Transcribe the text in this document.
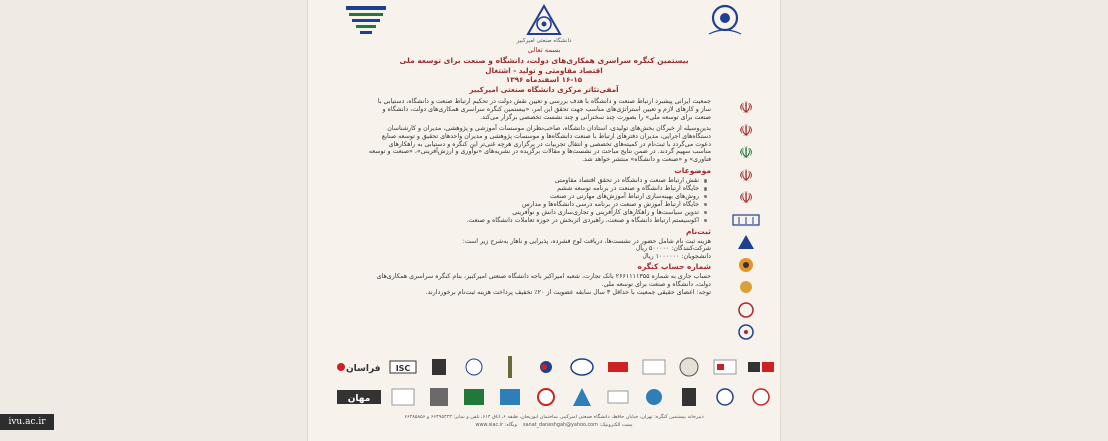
دانشگاه صنعتی امیرکبیر
بسمه تعالی
بیستمین کنگره سراسری همکاری‌های دولت، دانشگاه و صنعت برای توسعه ملی
اقتصاد مقاومتی و تولید - اشتغال
۱۶-۱۵ اسفندماه ۱۳۹۶
آمفی‌تئاتر مرکزی دانشگاه صنعتی امیرکبیر

جمعیت ایرانی پیشبرد ارتباط صنعت و دانشگاه با هدف بررسی و تعیین نقش دولت در تحکیم ارتباط صنعت و دانشگاه، دستیابی با ساز و کارهای لازم و تعیین استراتژی‌های مناسب جهت تحقق این امر، «بیستمین کنگره سراسری همکاری‌های دولت، دانشگاه و صنعت برای توسعه ملی» را بصورت چند سخنرانی و چند نشست تخصصی برگزار می‌کند.

بدین‌وسیله از خبرگان بخش‌های تولیدی، استادان دانشگاه، صاحب‌نظران موسسات آموزشی و پژوهشی، مدیران و کارشناسان دستگاه‌های اجرایی، مدیران دفترهای ارتباط با صنعت دانشگاه‌ها و موسسات پژوهشی و مدیران واحدهای تحقیق و توسعه صنایع دعوت می‌گردد با ثبت‌نام در کمیته‌های تخصصی و انتقال تجربیات در برگزاری هرچه غنی‌تر این کنگره و دستیابی به راهکارهای مناسب سهیم گردند. در ضمن نتایج مباحث در نشست‌ها و مقالات برگزیده در نشریه‌های «نوآوری و ارزش‌آفرینی»، «صنعت و توسعه فناوری» و «صنعت و دانشگاه» منتشر خواهد شد.

موضوعات
نقش ارتباط صنعت و دانشگاه در تحقق اقتصاد مقاومتی
جایگاه ارتباط دانشگاه و صنعت در برنامه توسعه ششم
روش‌های بهینه‌سازی ارتباط آموزش‌های مهارتی در صنعت
جایگاه ارتباط آموزش و صنعت در برنامه درسی دانشگاه‌ها و مدارس
تدوین سیاست‌ها و راهکارهای کارآفرینی و تجاری‌سازی دانش و نوآفرینی
اکوسیستم ارتباط دانشگاه و صنعت، راهبردی اثربخش در حوزه تعاملات دانشگاه و صنعت.
ثبت‌نام
هزینه ثبت نام شامل حضور در نشست‌ها، دریافت لوح فشرده، پذیرایی و ناهار به‌شرح زیر است:
شرکت‌کنندگان: ۵۰۰۰۰۰ ریال
دانشجویان: ۱۰۰۰۰۰۰ ریال
شماره حساب کنگره
حساب جاری به شماره ۲۶۶۱۱۱۱۳۵۵ بانک تجارت، شعبه امیراکبر باجه دانشگاه صنعتی امیرکبیر، بنام کنگره سراسری همکاری‌های دولت، دانشگاه و صنعت برای توسعه ملی.
توجه: اعضای حقیقی جمعیت با حداقل ۳ سال سابقه عضویت از ۲۰٪ تخفیف پرداخت هزینه ثبت‌نام برخوردارند.
☫
☫
☫
☫
☫
فراسان ISC
مهان
دبیرخانه بیستمین کنگره: تهران، خیابان حافظ، دانشگاه صنعتی امیرکبیر، ساختمان ابوریحان، طبقه ۶، اتاق ۶۱۴، تلفن و نمابر: ۶۶۴۹۵۴۲۳ و ۶۶۴۸۵۸۵۶
پست الکترونیک: sanat_daneshgah@yahoo.com    وبگاه: www.siac.ir
ivu.ac.ir
